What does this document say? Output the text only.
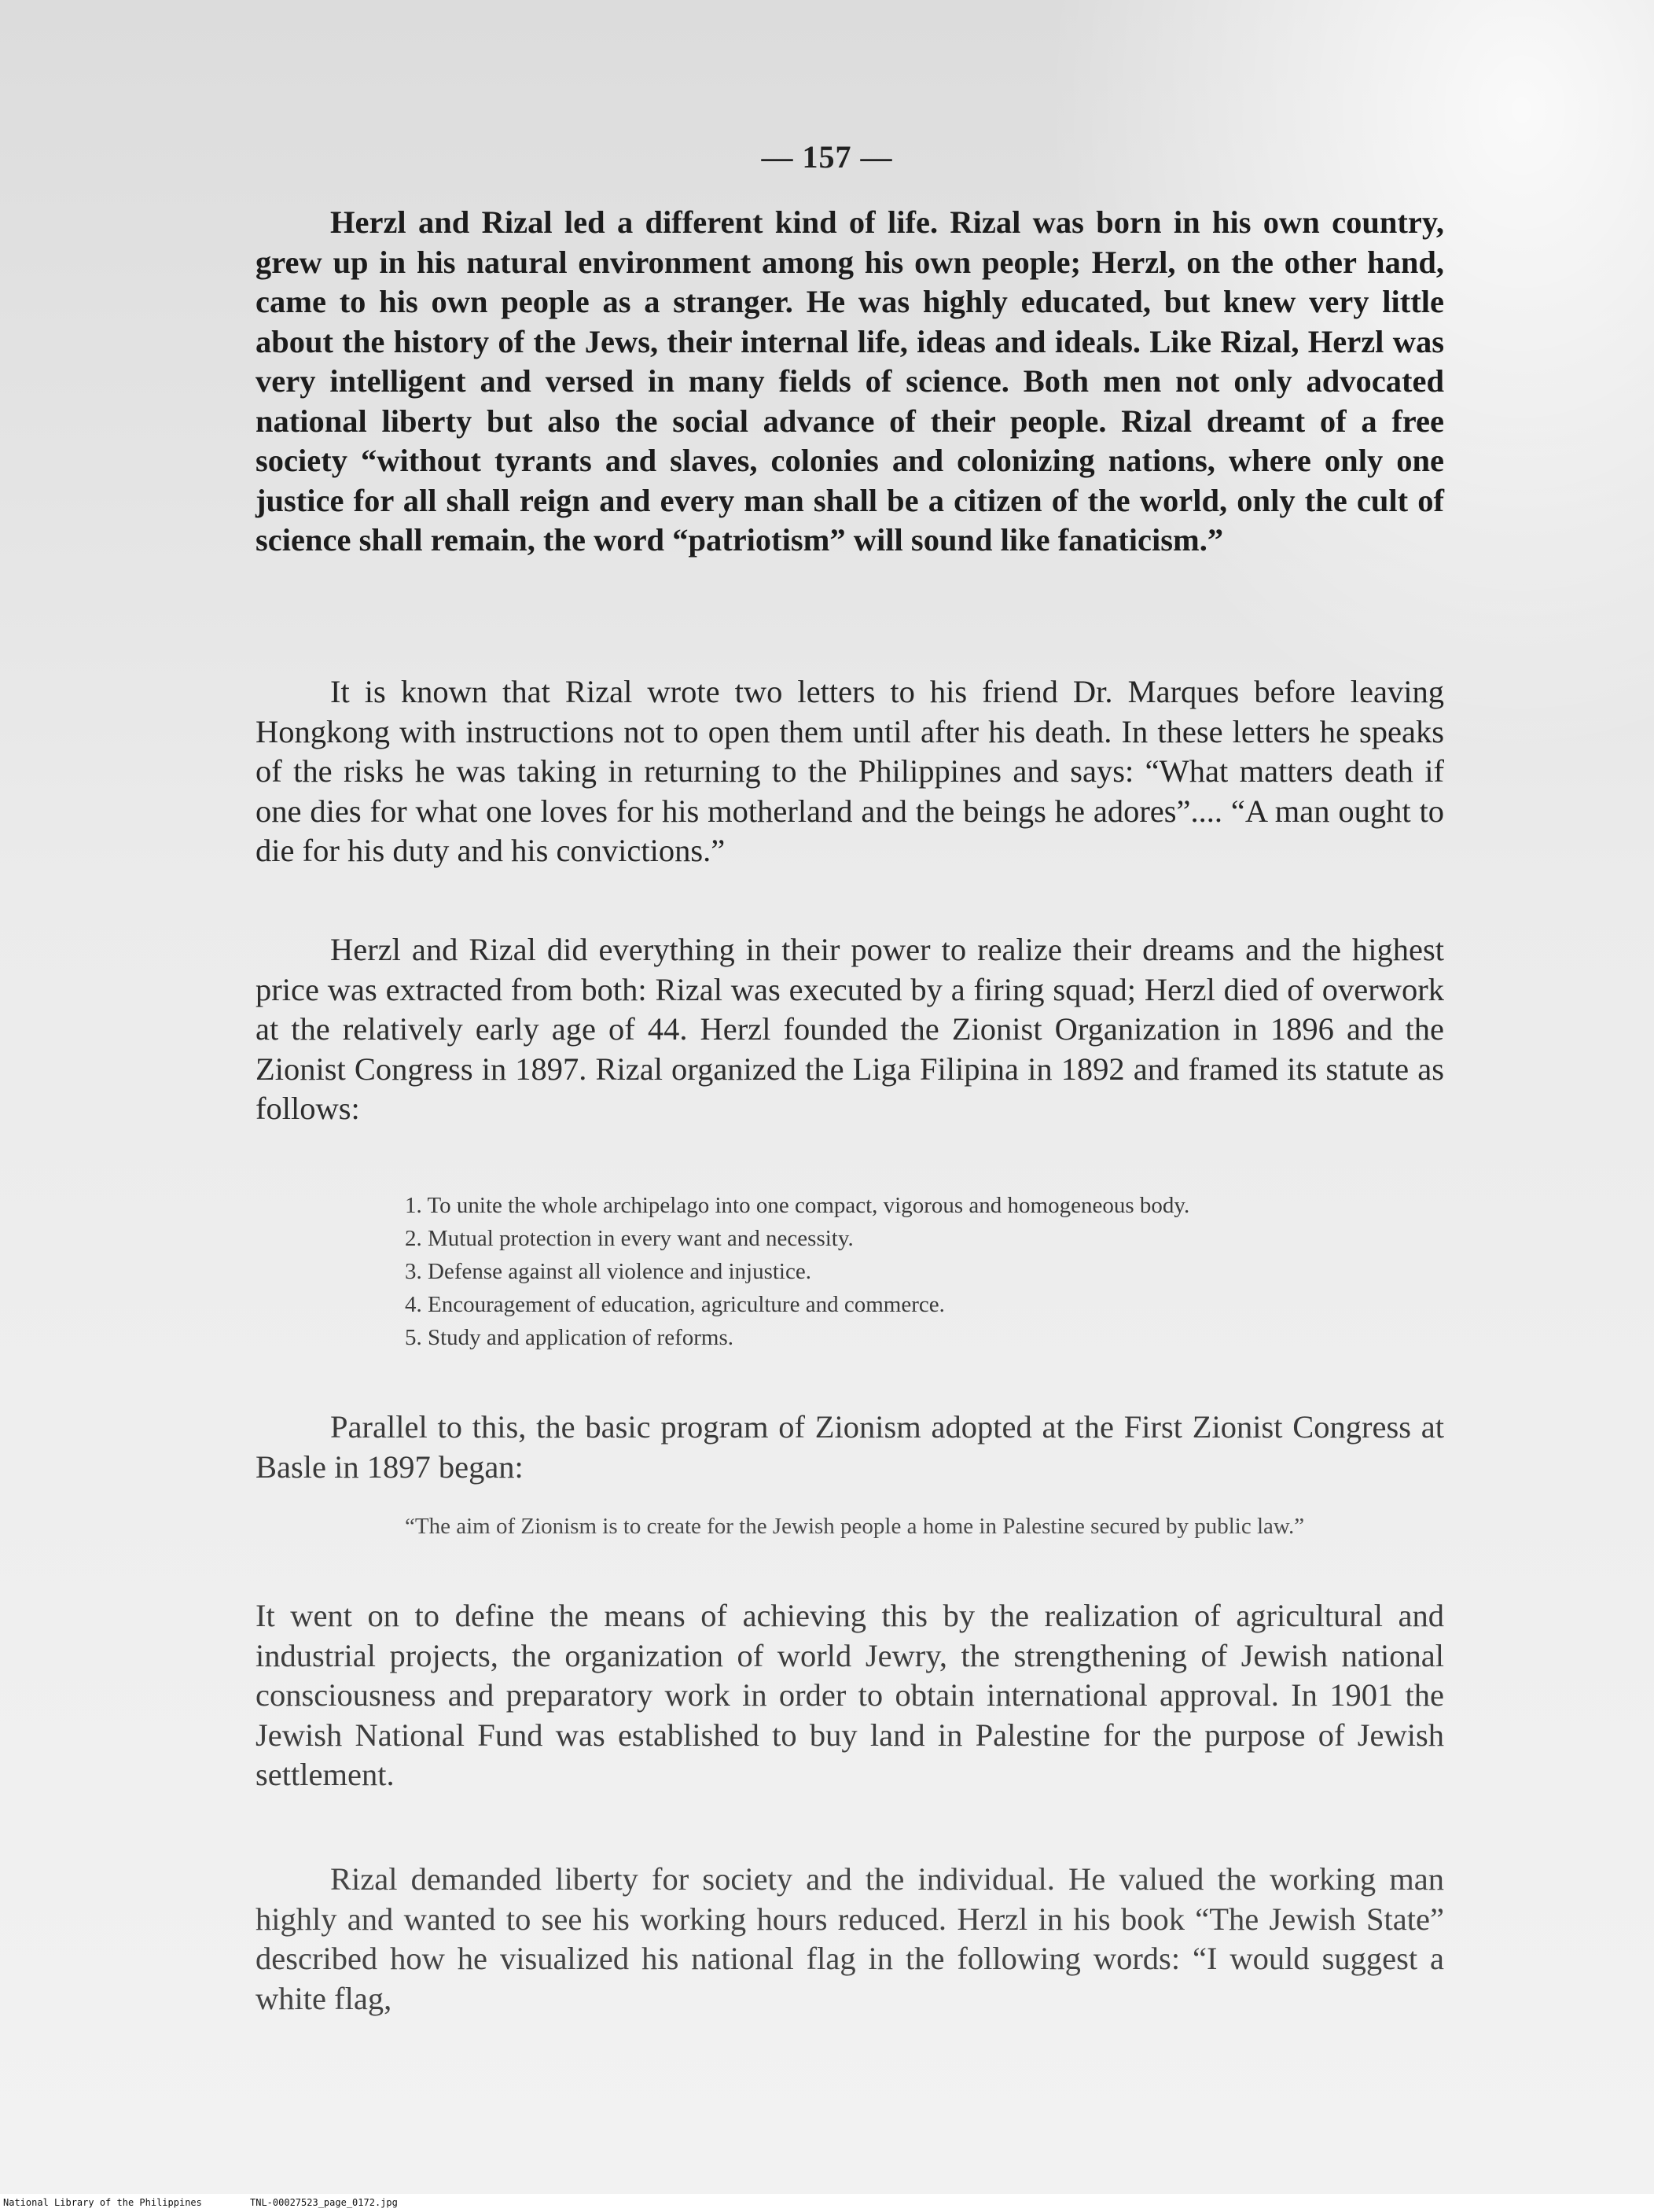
— 157 —

Herzl and Rizal led a different kind of life. Rizal was born in his own country, grew up in his natural environment among his own people; Herzl, on the other hand, came to his own people as a stranger. He was highly educated, but knew very little about the history of the Jews, their internal life, ideas and ideals. Like Rizal, Herzl was very intelligent and versed in many fields of science. Both men not only advocated national liberty but also the social advance of their people. Rizal dreamt of a free society “without tyrants and slaves, colonies and colonizing nations, where only one justice for all shall reign and every man shall be a citizen of the world, only the cult of science shall remain, the word “patriotism” will sound like fanaticism.”

It is known that Rizal wrote two letters to his friend Dr. Marques before leaving Hongkong with instructions not to open them until after his death. In these letters he speaks of the risks he was taking in returning to the Philippines and says: “What matters death if one dies for what one loves for his motherland and the beings he adores”.... “A man ought to die for his duty and his convictions.”

Herzl and Rizal did everything in their power to realize their dreams and the highest price was extracted from both: Rizal was executed by a firing squad; Herzl died of overwork at the relatively early age of 44. Herzl founded the Zionist Organization in 1896 and the Zionist Congress in 1897. Rizal organized the Liga Filipina in 1892 and framed its statute as follows:

1. To unite the whole archipelago into one compact, vigorous and homogeneous body.
2. Mutual protection in every want and necessity.
3. Defense against all violence and injustice.
4. Encouragement of education, agriculture and commerce.
5. Study and application of reforms.

Parallel to this, the basic program of Zionism adopted at the First Zionist Congress at Basle in 1897 began:

“The aim of Zionism is to create for the Jewish people a home in Palestine secured by public law.”

It went on to define the means of achieving this by the realization of agricultural and industrial projects, the organization of world Jewry, the strengthening of Jewish national consciousness and preparatory work in order to obtain international approval. In 1901 the Jewish National Fund was established to buy land in Palestine for the purpose of Jewish settlement.

Rizal demanded liberty for society and the individual. He valued the working man highly and wanted to see his working hours reduced. Herzl in his book “The Jewish State” described how he visualized his national flag in the following words: “I would suggest a white flag,

National Library of the Philippines	TNL-00027523_page_0172.jpg
